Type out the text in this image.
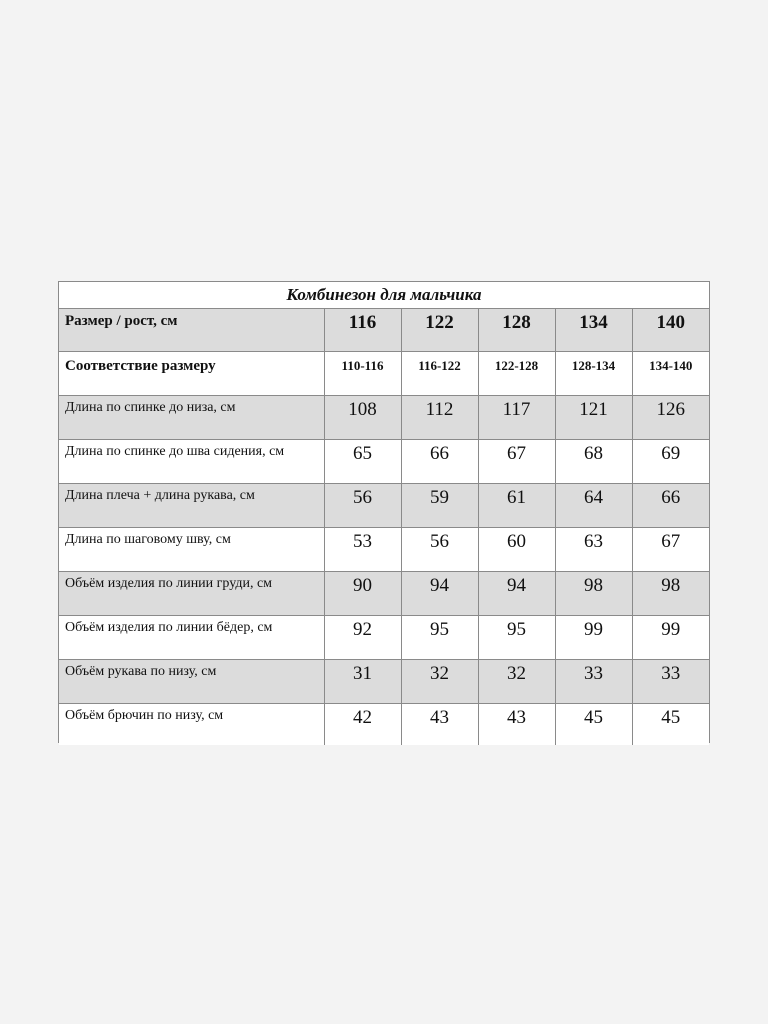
Комбинезон для мальчика
Размер / рост, см	116	122	128	134	140
Соответствие размеру	110-116	116-122	122-128	128-134	134-140
Длина по спинке до низа, см	108	112	117	121	126
Длина по спинке до шва сидения, см	65	66	67	68	69
Длина плеча + длина рукава, см	56	59	61	64	66
Длина по шаговому шву, см	53	56	60	63	67
Объём изделия по линии груди, см	90	94	94	98	98
Объём изделия по линии бёдер, см	92	95	95	99	99
Объём рукава по низу, см	31	32	32	33	33
Объём брючин по низу, см	42	43	43	45	45
